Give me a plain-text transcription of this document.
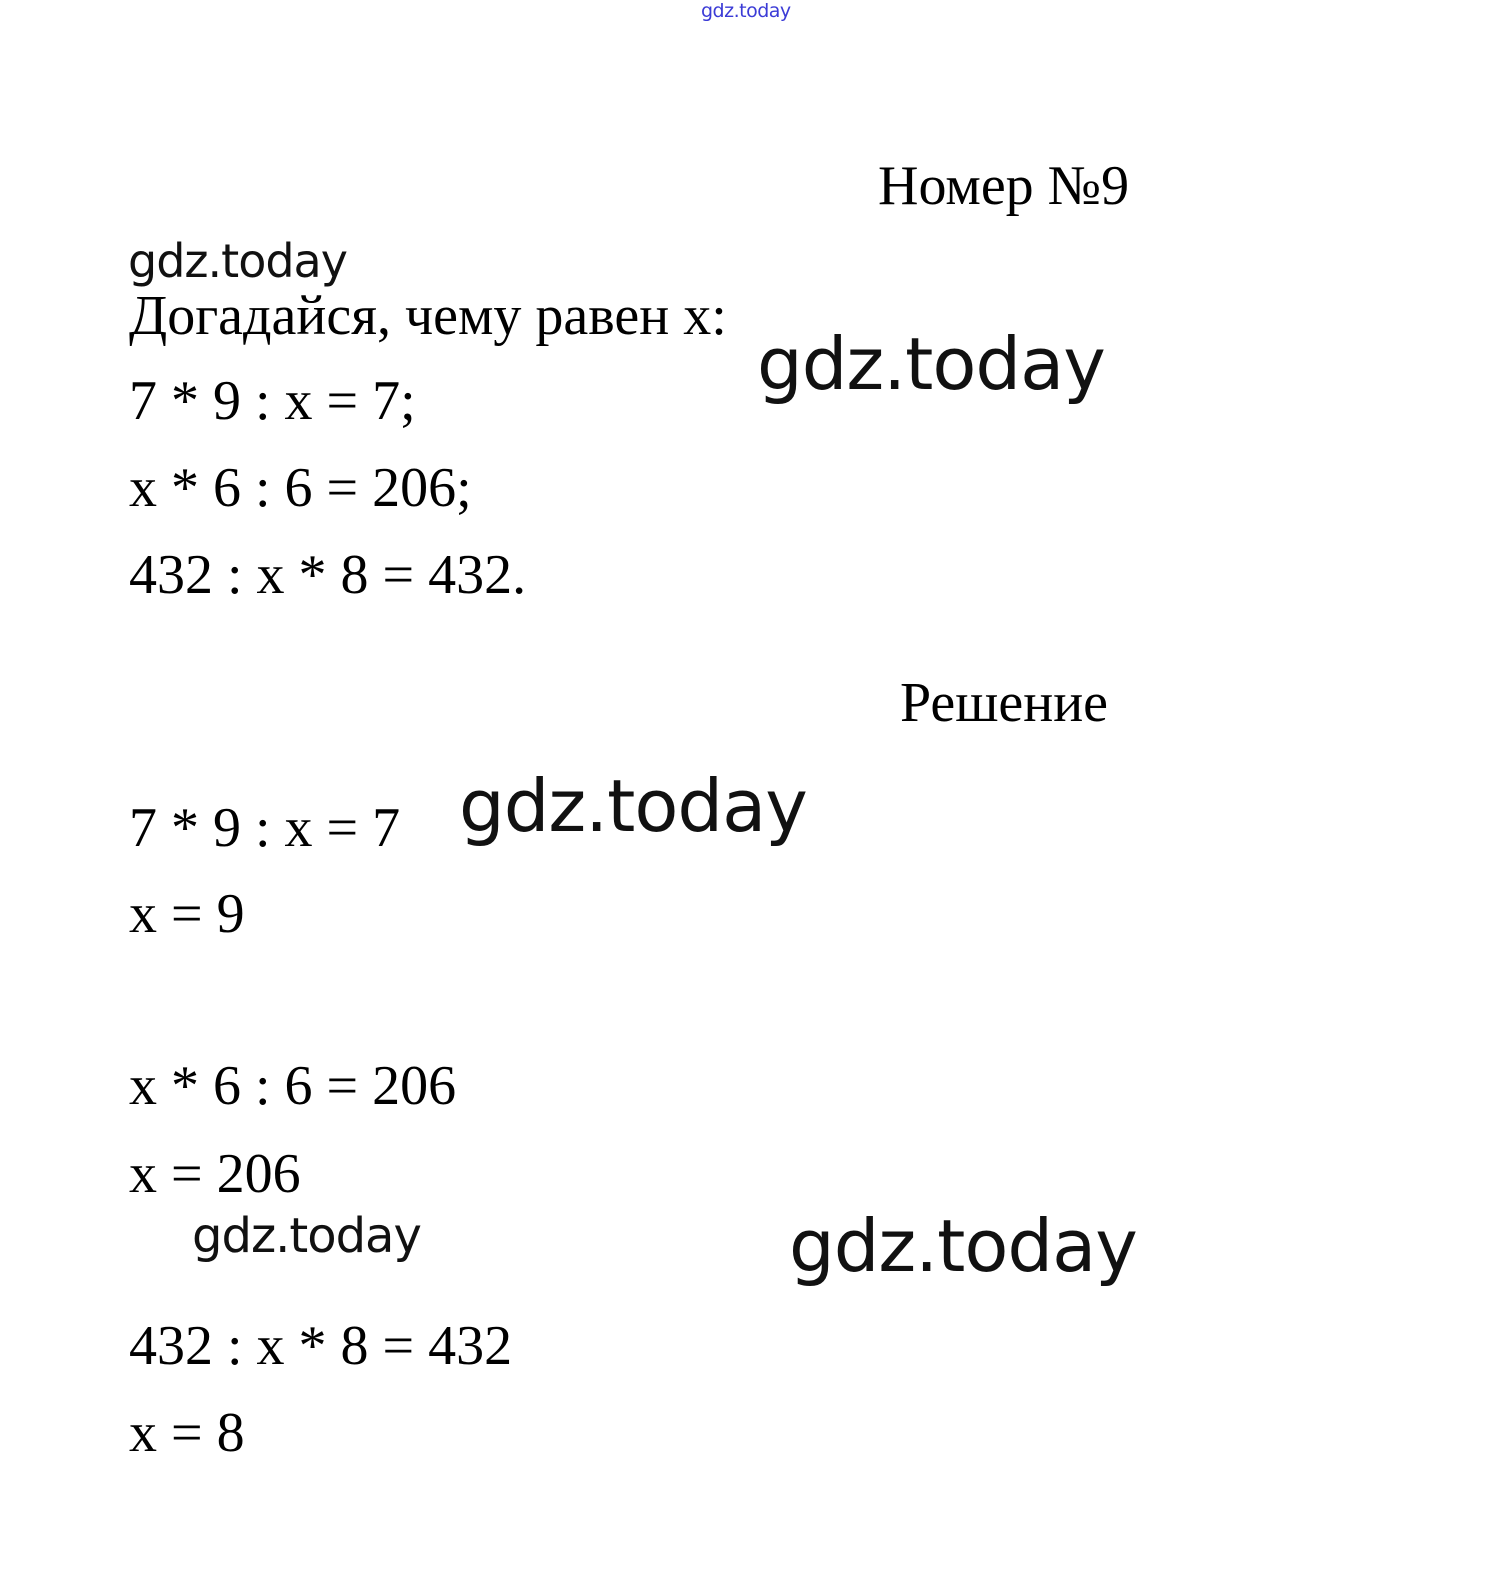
gdz.today
Номер №9
gdz.today
Догадайся, чему равен х:
gdz.today
7 * 9 : х = 7;
х * 6 : 6 = 206;
432 : х * 8 = 432.
Решение
7 * 9 : х = 7 gdz.today
х = 9
х * 6 : 6 = 206
х = 206
gdz.today	gdz.today
432 : х * 8 = 432
х = 8
